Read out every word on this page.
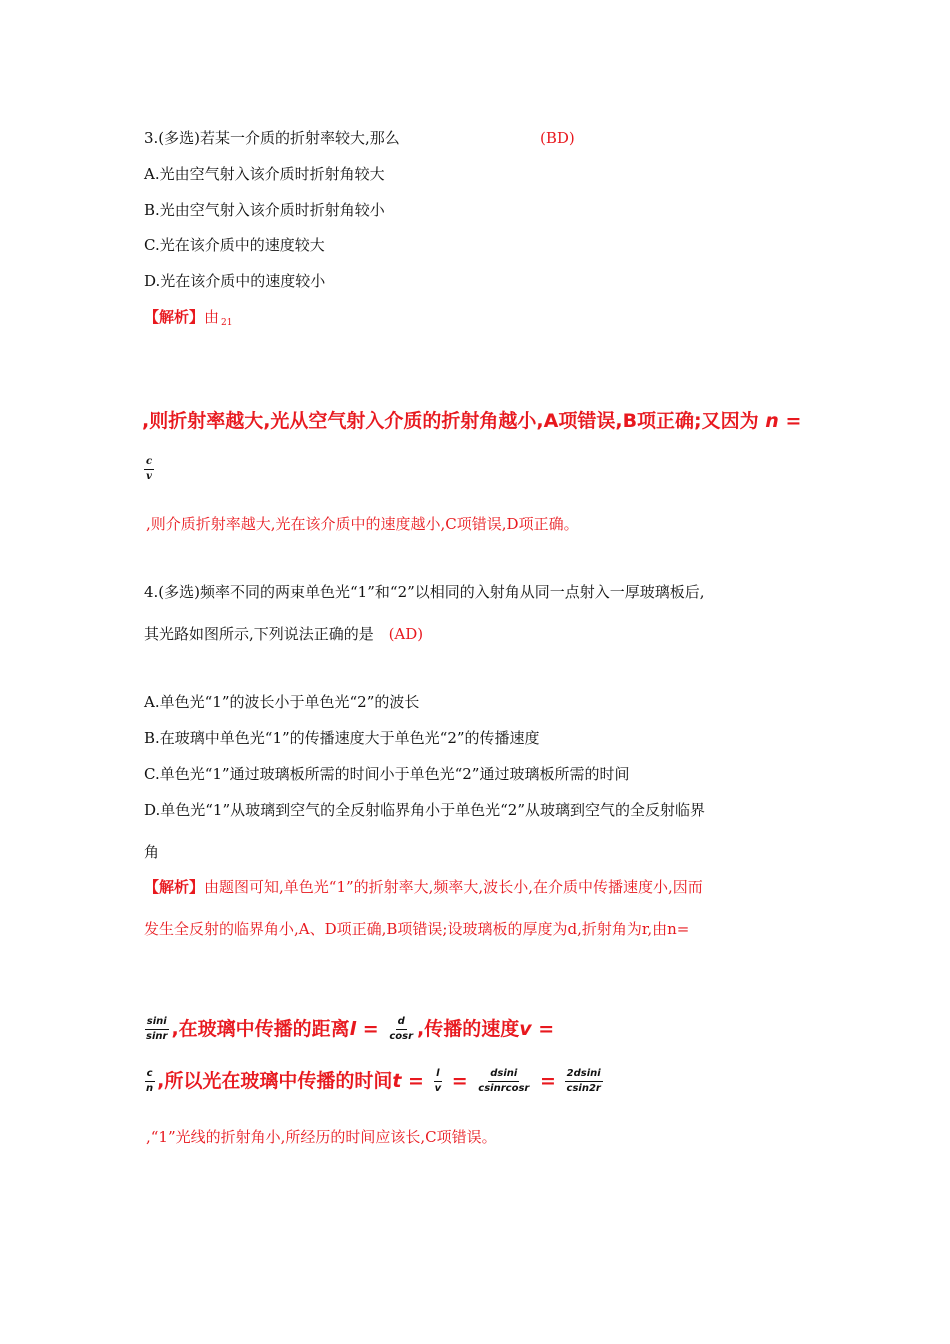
3.(多选)若某一介质的折射率较大,那么	(BD)
A.光由空气射入该介质时折射角较大
B.光由空气射入该介质时折射角较小
C.光在该介质中的速度较大
D.光在该介质中的速度较小
【解析】由 $_{21}$
,则折射率越大,光从空气射入介质的折射角越小,A项错误,B项正确;又因为 n =
$\frac{c}{v}$
,则介质折射率越大,光在该介质中的速度越小,C项错误,D项正确。
4.(多选)频率不同的两束单色光“1”和“2”以相同的入射角从同一点射入一厚玻璃板后,
其光路如图所示,下列说法正确的是 (AD)
A.单色光“1”的波长小于单色光“2”的波长
B.在玻璃中单色光“1”的传播速度大于单色光“2”的传播速度
C.单色光“1”通过玻璃板所需的时间小于单色光“2”通过玻璃板所需的时间
D.单色光“1”从玻璃到空气的全反射临界角小于单色光“2”从玻璃到空气的全反射临界
角
【解析】由题图可知,单色光“1”的折射率大,频率大,波长小,在介质中传播速度小,因而
发生全反射的临界角小,A、D项正确,B项错误;设玻璃板的厚度为d,折射角为r,由n=
$\frac{\sin i}{\sin r}$ ,在玻璃中传播的距离$l = \frac{d}{\cos r}$ ,传播的速度v =
$\frac{c}{n}$ ,所以光在玻璃中传播的时间$t = \frac{l}{v} = \frac{dsini}{\text{csinrcosr}} = \frac{2dsini}{csin2r}$
,“1”光线的折射角小,所经历的时间应该长,C项错误。
